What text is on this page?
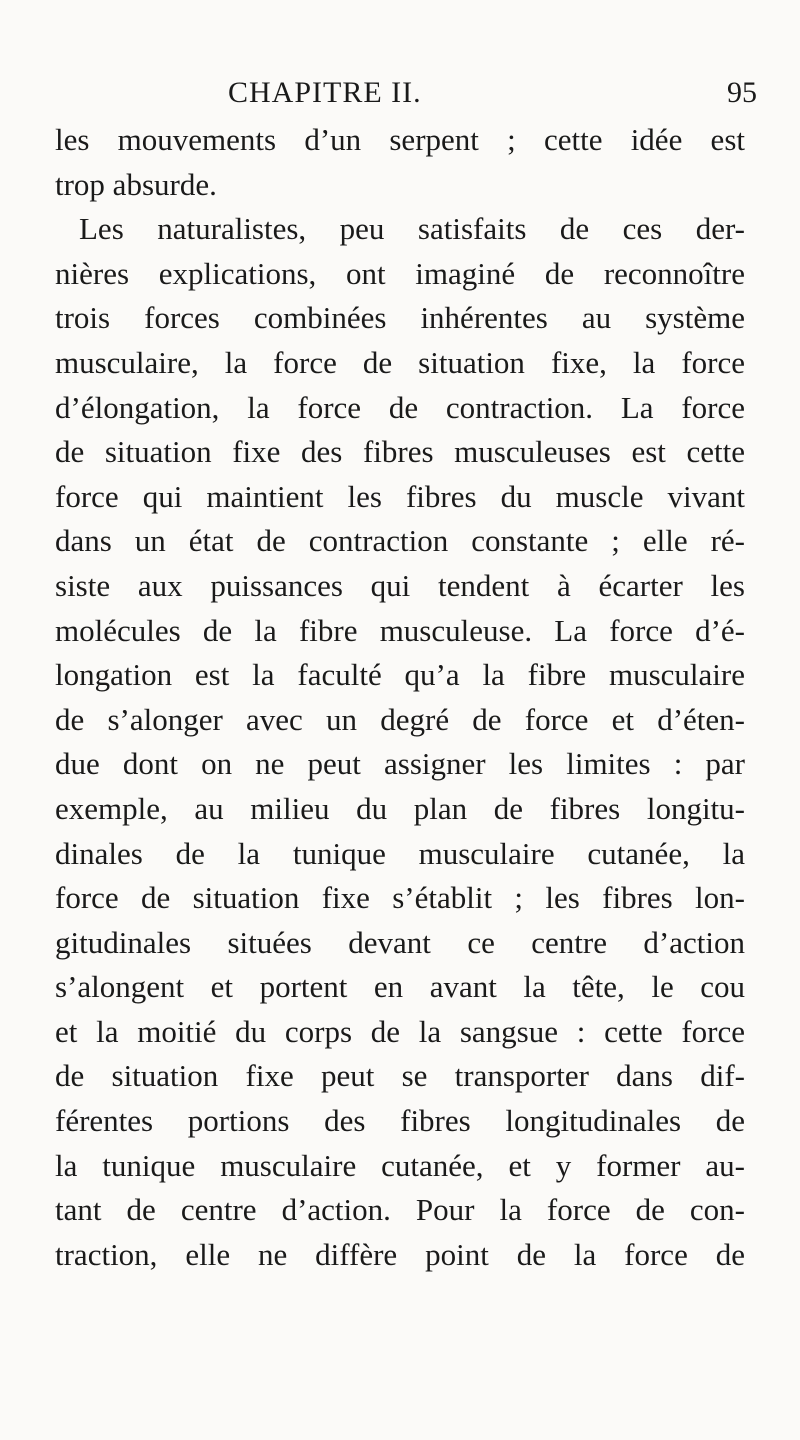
CHAPITRE II.	95
les mouvements d’un serpent ; cette idée est
trop absurde.
Les naturalistes, peu satisfaits de ces der-
nières explications, ont imaginé de reconnoître
trois forces combinées inhérentes au système
musculaire, la force de situation fixe, la force
d’élongation, la force de contraction. La force
de situation fixe des fibres musculeuses est cette
force qui maintient les fibres du muscle vivant
dans un état de contraction constante ; elle ré-
siste aux puissances qui tendent à écarter les
molécules de la fibre musculeuse. La force d’é-
longation est la faculté qu’a la fibre musculaire
de s’alonger avec un degré de force et d’éten-
due dont on ne peut assigner les limites : par
exemple, au milieu du plan de fibres longitu-
dinales de la tunique musculaire cutanée, la
force de situation fixe s’établit ; les fibres lon-
gitudinales situées devant ce centre d’action
s’alongent et portent en avant la tête, le cou
et la moitié du corps de la sangsue : cette force
de situation fixe peut se transporter dans dif-
férentes portions des fibres longitudinales de
la tunique musculaire cutanée, et y former au-
tant de centre d’action. Pour la force de con-
traction, elle ne diffère point de la force de
